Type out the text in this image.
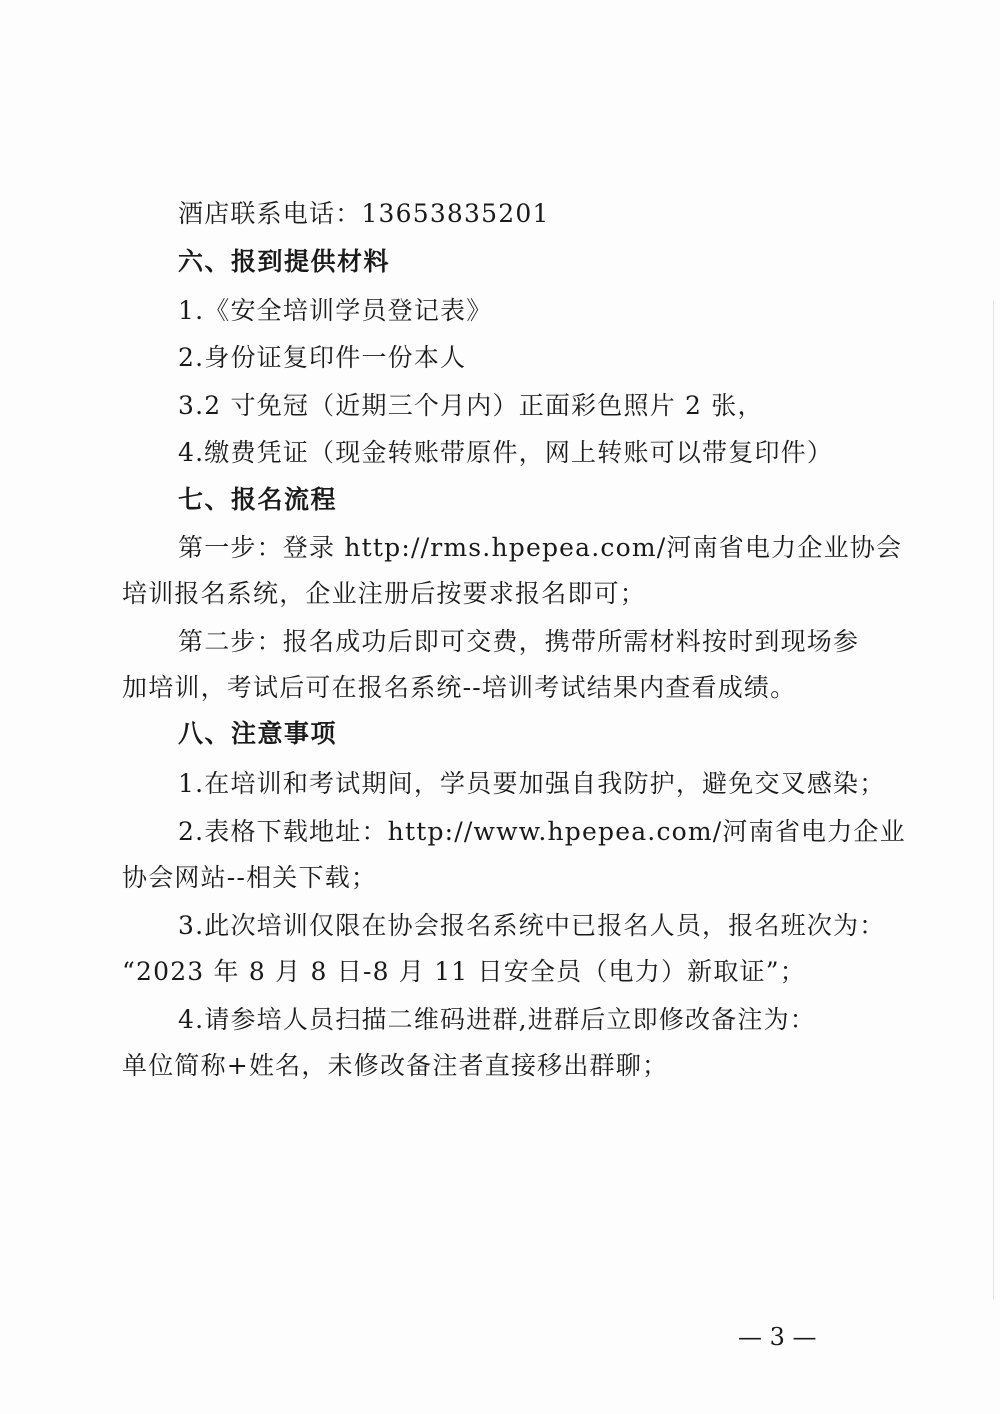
酒店联系电话：13653835201
六、报到提供材料
1.《安全培训学员登记表》
2.身份证复印件一份本人
3.2 寸免冠（近期三个月内）正面彩色照片 2 张，
4.缴费凭证（现金转账带原件，网上转账可以带复印件）
七、报名流程
第一步：登录 http://rms.hpepea.com/河南省电力企业协会
培训报名系统，企业注册后按要求报名即可；
第二步：报名成功后即可交费，携带所需材料按时到现场参
加培训，考试后可在报名系统--培训考试结果内查看成绩。
八、注意事项
1.在培训和考试期间，学员要加强自我防护，避免交叉感染；
2.表格下载地址：http://www.hpepea.com/河南省电力企业
协会网站--相关下载；
3.此次培训仅限在协会报名系统中已报名人员，报名班次为：
“2023 年 8 月 8 日-8 月 11 日安全员（电力）新取证”；
4.请参培人员扫描二维码进群,进群后立即修改备注为：
单位简称+姓名，未修改备注者直接移出群聊；
— 3 —
